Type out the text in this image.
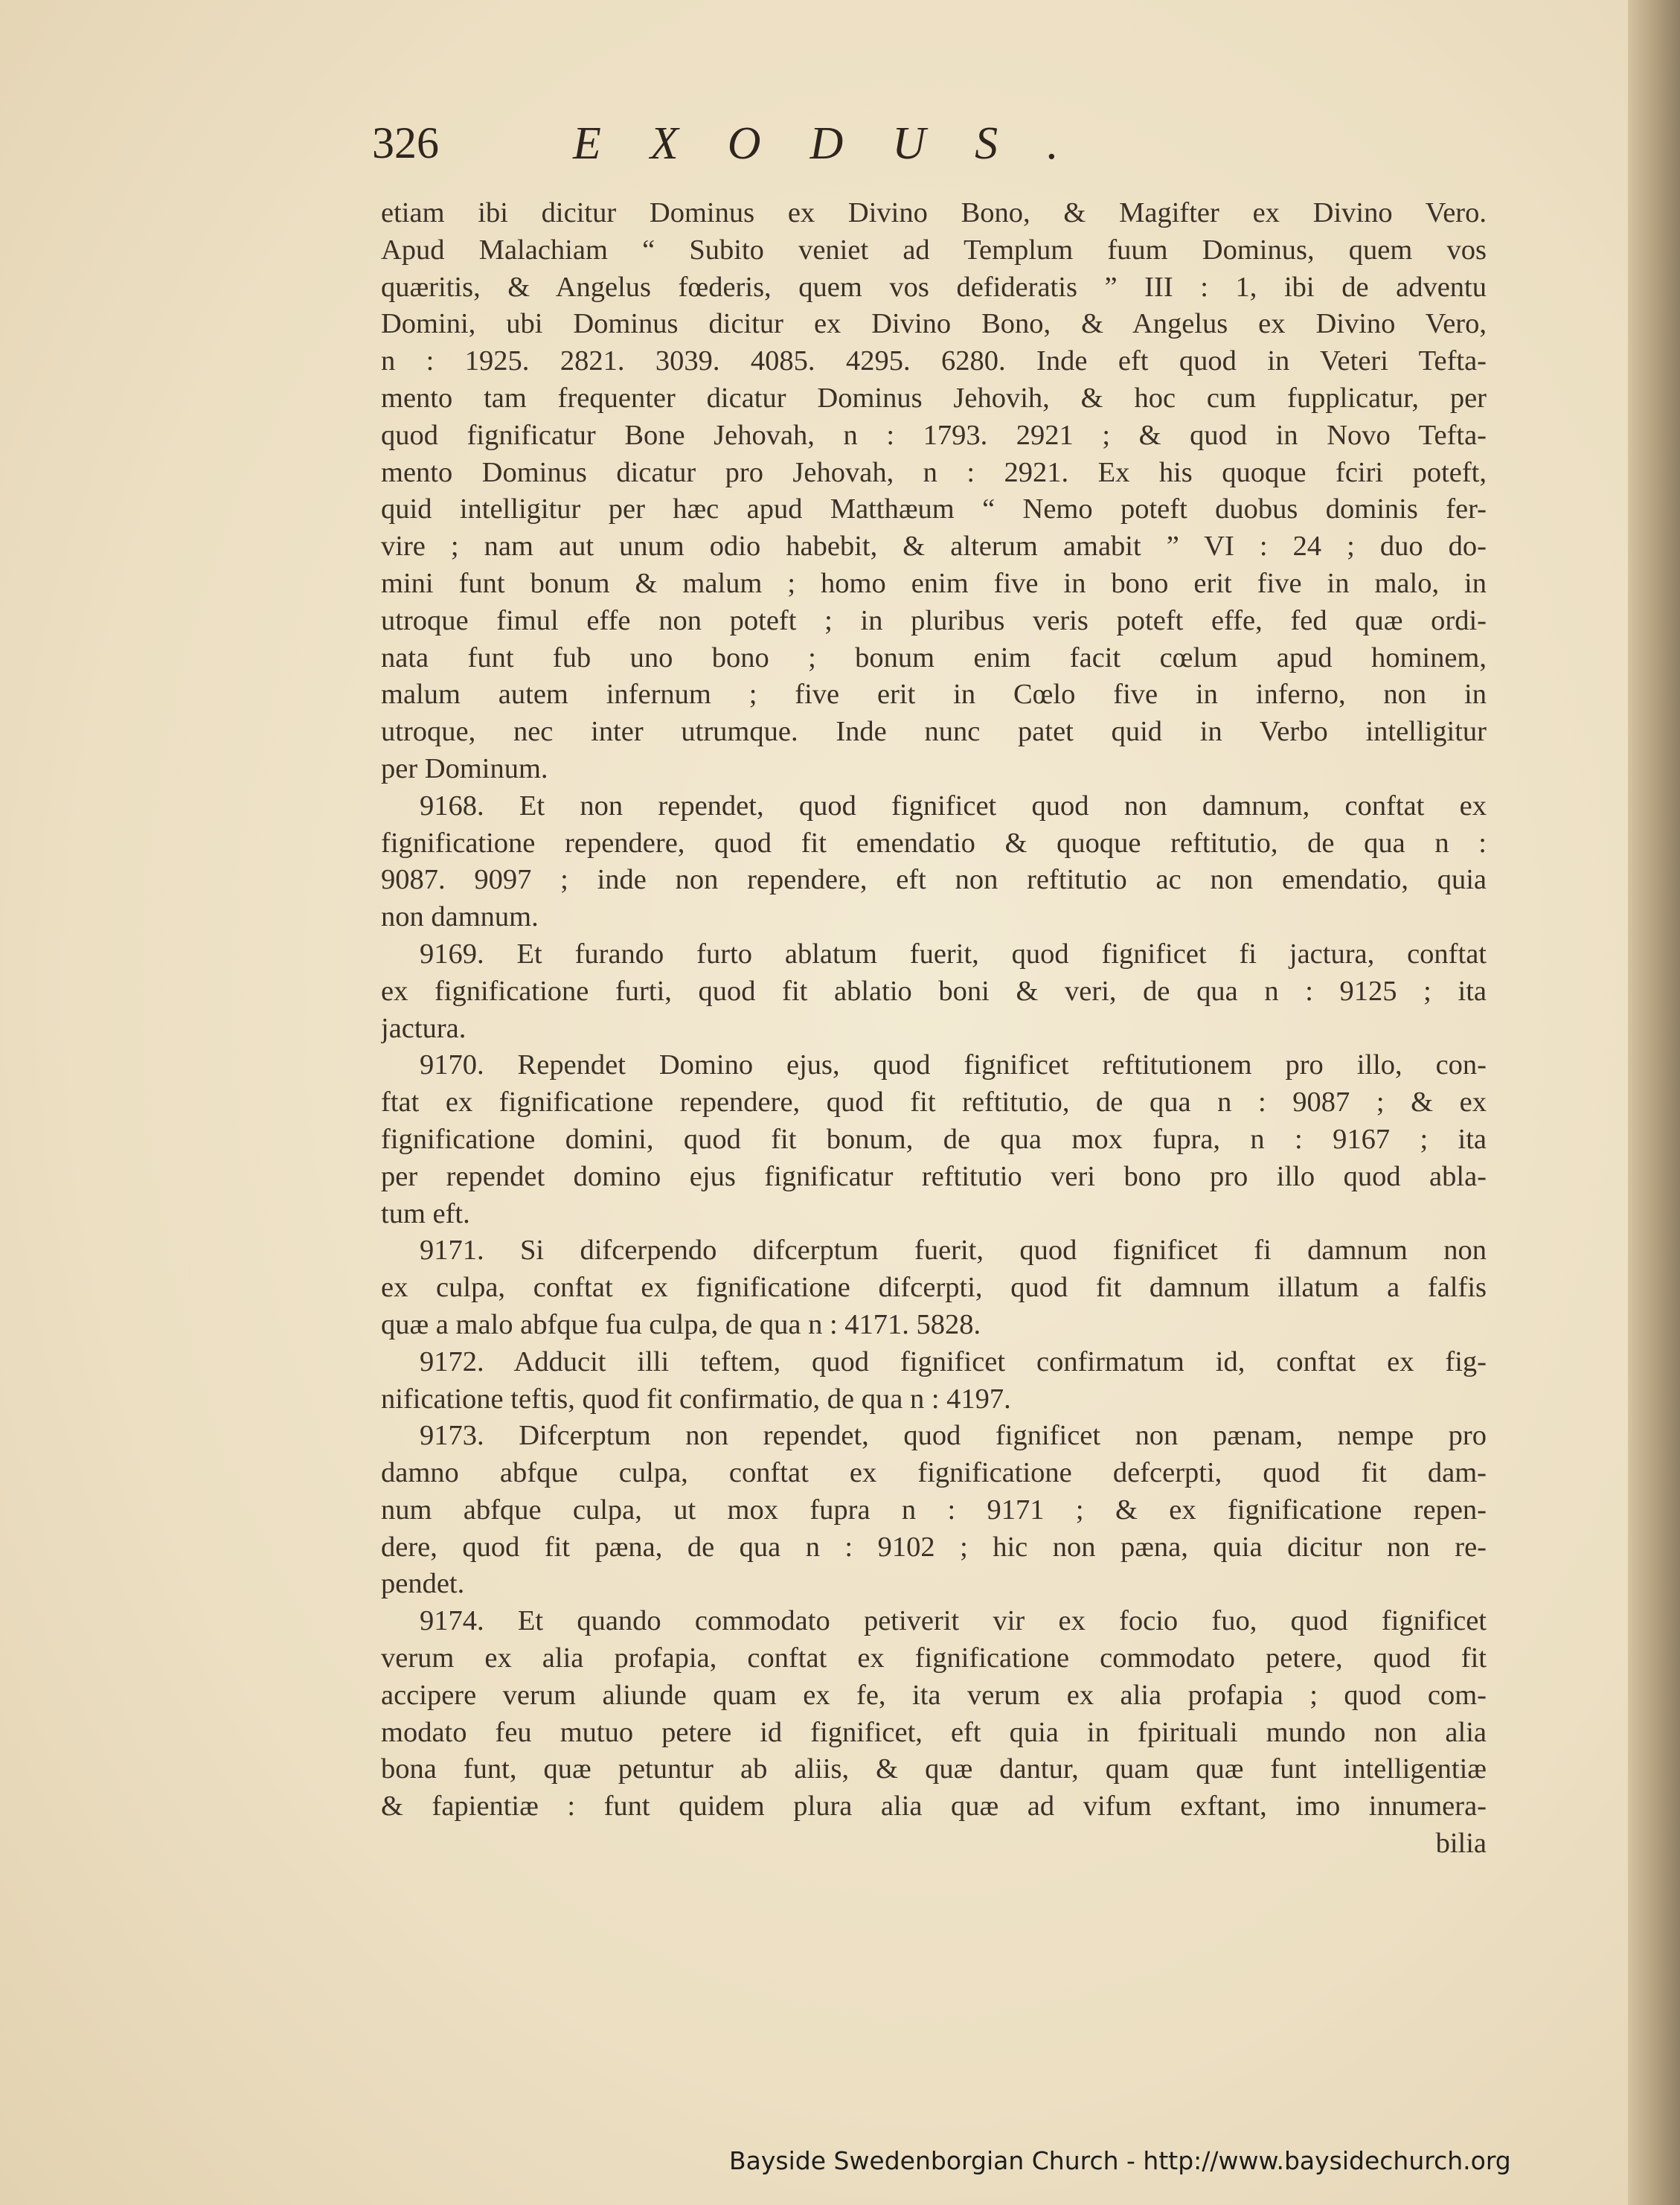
326	EXODUS.
etiam ibi dicitur Dominus ex Divino Bono, & Magifter ex Divino Vero.
Apud Malachiam “ Subito veniet ad Templum fuum Dominus, quem vos
quæritis, & Angelus fœderis, quem vos defideratis ” III : 1, ibi de adventu
Domini, ubi Dominus dicitur ex Divino Bono, & Angelus ex Divino Vero,
n : 1925. 2821. 3039. 4085. 4295. 6280. Inde eft quod in Veteri Tefta-
mento tam frequenter dicatur Dominus Jehovih, & hoc cum fupplicatur, per
quod fignificatur Bone Jehovah, n : 1793. 2921 ; & quod in Novo Tefta-
mento Dominus dicatur pro Jehovah, n : 2921. Ex his quoque fciri poteft,
quid intelligitur per hæc apud Matthæum “ Nemo poteft duobus dominis fer-
vire ; nam aut unum odio habebit, & alterum amabit ” VI : 24 ; duo do-
mini funt bonum & malum ; homo enim five in bono erit five in malo, in
utroque fimul effe non poteft ; in pluribus veris poteft effe, fed quæ ordi-
nata funt fub uno bono ; bonum enim facit cœlum apud hominem,
malum autem infernum ; five erit in Cœlo five in inferno, non in
utroque, nec inter utrumque. Inde nunc patet quid in Verbo intelligitur
per Dominum.
9168. Et non rependet, quod fignificet quod non damnum, conftat ex
fignificatione rependere, quod fit emendatio & quoque reftitutio, de qua n :
9087. 9097 ; inde non rependere, eft non reftitutio ac non emendatio, quia
non damnum.
9169. Et furando furto ablatum fuerit, quod fignificet fi jactura, conftat
ex fignificatione furti, quod fit ablatio boni & veri, de qua n : 9125 ; ita
jactura.
9170. Rependet Domino ejus, quod fignificet reftitutionem pro illo, con-
ftat ex fignificatione rependere, quod fit reftitutio, de qua n : 9087 ; & ex
fignificatione domini, quod fit bonum, de qua mox fupra, n : 9167 ; ita
per rependet domino ejus fignificatur reftitutio veri bono pro illo quod abla-
tum eft.
9171. Si difcerpendo difcerptum fuerit, quod fignificet fi damnum non
ex culpa, conftat ex fignificatione difcerpti, quod fit damnum illatum a falfis
quæ a malo abfque fua culpa, de qua n : 4171. 5828.
9172. Adducit illi teftem, quod fignificet confirmatum id, conftat ex fig-
nificatione teftis, quod fit confirmatio, de qua n : 4197.
9173. Difcerptum non rependet, quod fignificet non pænam, nempe pro
damno abfque culpa, conftat ex fignificatione defcerpti, quod fit dam-
num abfque culpa, ut mox fupra n : 9171 ; & ex fignificatione repen-
dere, quod fit pæna, de qua n : 9102 ; hic non pæna, quia dicitur non re-
pendet.
9174. Et quando commodato petiverit vir ex focio fuo, quod fignificet
verum ex alia profapia, conftat ex fignificatione commodato petere, quod fit
accipere verum aliunde quam ex fe, ita verum ex alia profapia ; quod com-
modato feu mutuo petere id fignificet, eft quia in fpirituali mundo non alia
bona funt, quæ petuntur ab aliis, & quæ dantur, quam quæ funt intelligentiæ
& fapientiæ : funt quidem plura alia quæ ad vifum exftant, imo innumera-
bilia
Bayside Swedenborgian Church - http://www.baysidechurch.org
